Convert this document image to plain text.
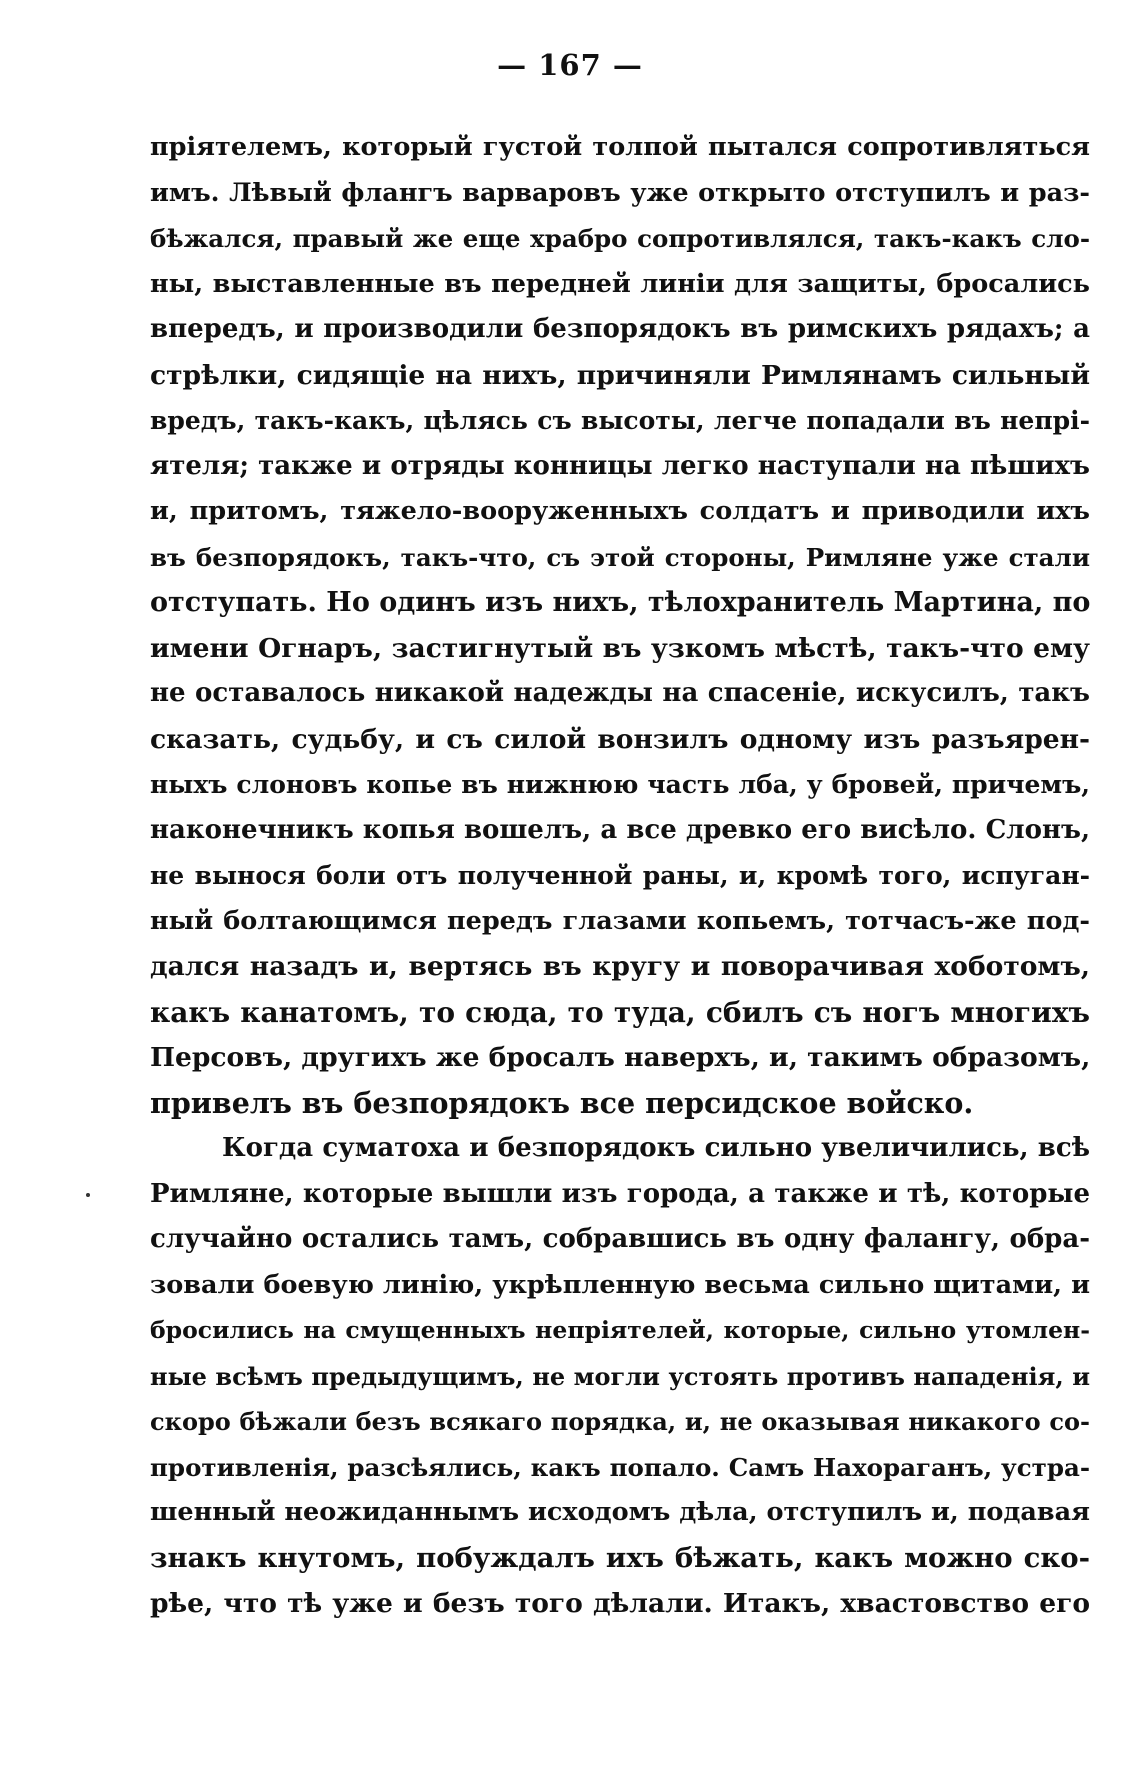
— 167 —
пріятелемъ, который густой толпой пытался сопротивляться
имъ. Лѣвый флангъ варваровъ уже открыто отступилъ и раз-
бѣжался, правый же еще храбро сопротивлялся, такъ-какъ сло-
ны, выставленные въ передней линіи для защиты, бросались
впередъ, и производили безпорядокъ въ римскихъ рядахъ; а
стрѣлки, сидящіе на нихъ, причиняли Римлянамъ сильный
вредъ, такъ-какъ, цѣлясь съ высоты, легче попадали въ непрі-
ятеля; также и отряды конницы легко наступали на пѣшихъ
и, притомъ, тяжело-вооруженныхъ солдатъ и приводили ихъ
въ безпорядокъ, такъ-что, съ этой стороны, Римляне уже стали
отступать. Но одинъ изъ нихъ, тѣлохранитель Мартина, по
имени Огнаръ, застигнутый въ узкомъ мѣстѣ, такъ-что ему
не оставалось никакой надежды на спасеніе, искусилъ, такъ
сказать, судьбу, и съ силой вонзилъ одному изъ разъярен-
ныхъ слоновъ копье въ нижнюю часть лба, у бровей, причемъ,
наконечникъ копья вошелъ, а все древко его висѣло. Слонъ,
не вынося боли отъ полученной раны, и, кромѣ того, испуган-
ный болтающимся передъ глазами копьемъ, тотчасъ-же под-
дался назадъ и, вертясь въ кругу и поворачивая хоботомъ,
какъ канатомъ, то сюда, то туда, сбилъ съ ногъ многихъ
Персовъ, другихъ же бросалъ наверхъ, и, такимъ образомъ,
привелъ въ безпорядокъ все персидское войско.
Когда суматоха и безпорядокъ сильно увеличились, всѣ
Римляне, которые вышли изъ города, а также и тѣ, которые
случайно остались тамъ, собравшись въ одну фалангу, обра-
зовали боевую линію, укрѣпленную весьма сильно щитами, и
бросились на смущенныхъ непріятелей, которые, сильно утомлен-
ные всѣмъ предыдущимъ, не могли устоять противъ нападенія, и
скоро бѣжали безъ всякаго порядка, и, не оказывая никакого со-
противленія, разсѣялись, какъ попало. Самъ Нахораганъ, устра-
шенный неожиданнымъ исходомъ дѣла, отступилъ и, подавая
знакъ кнутомъ, побуждалъ ихъ бѣжать, какъ можно ско-
рѣе, что тѣ уже и безъ того дѣлали. Итакъ, хвастовство его
